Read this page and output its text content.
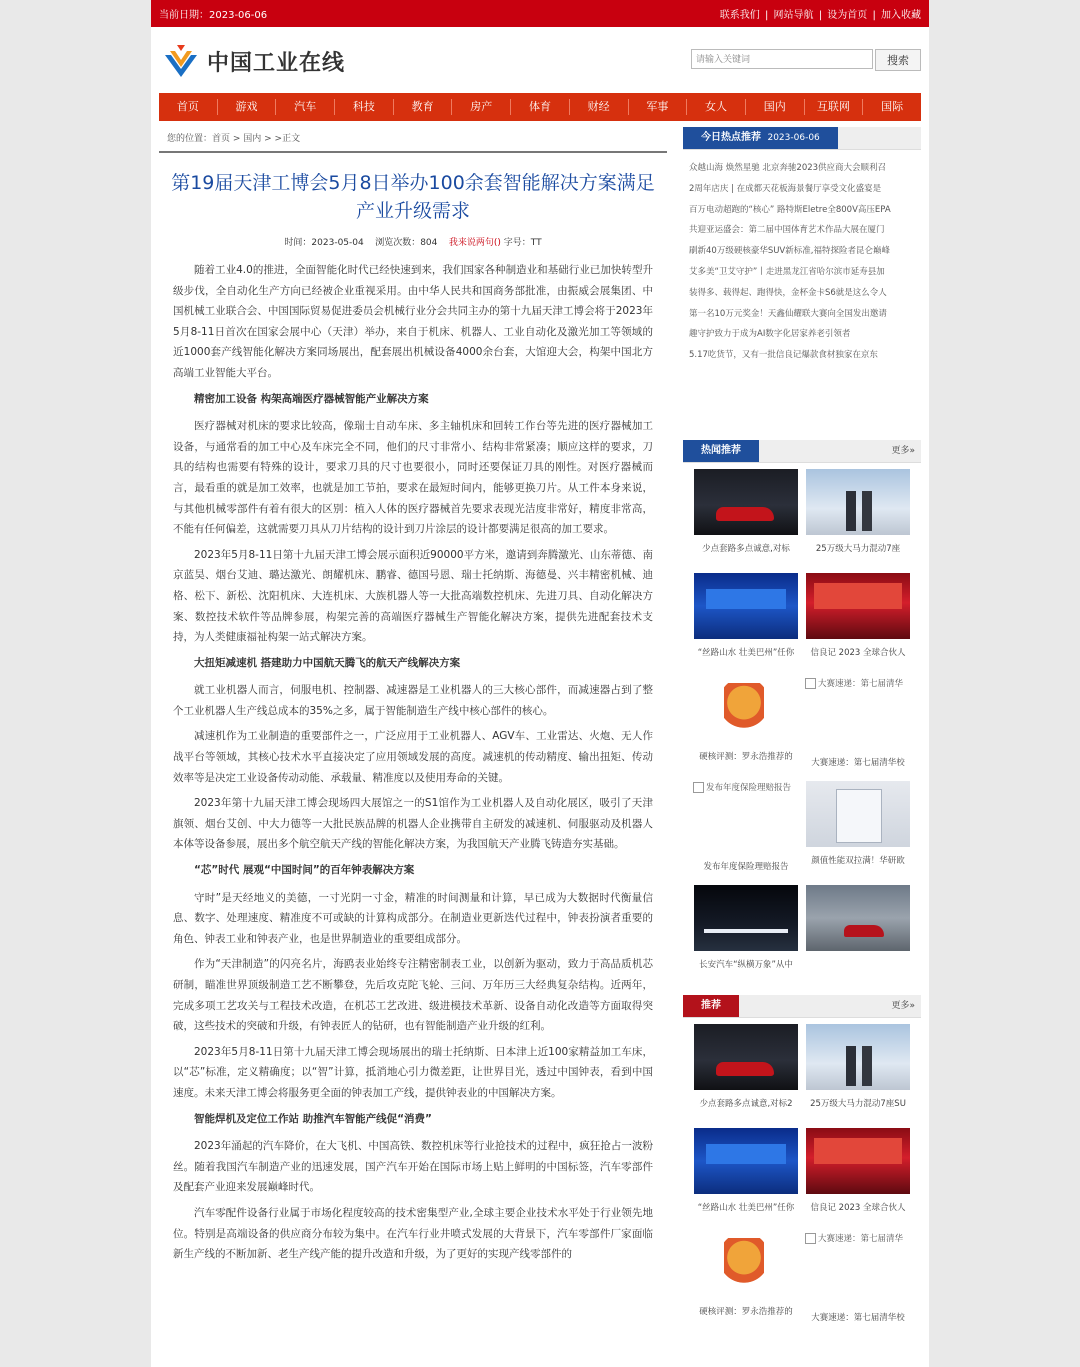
当前日期：2023-06-06	联系我们 | 网站导航 | 设为首页 | 加入收藏
中国工业在线	请输入关键词	搜索
首页	游戏	汽车	科技	教育	房产	体育	财经	军事	女人	国内	互联网	国际
您的位置：首页 > 国内 > >正文
第19届天津工博会5月8日举办100余套智能解决方案满足产业升级需求
时间：2023-05-04 浏览次数：804 我来说两句() 字号：TT

随着工业4.0的推进，全面智能化时代已经快速到来，我们国家各种制造业和基础行业已加快转型升级步伐，全自动化生产方向已经被企业重视采用。由中华人民共和国商务部批准，由振威会展集团、中国机械工业联合会、中国国际贸易促进委员会机械行业分会共同主办的第十九届天津工博会将于2023年5月8-11日首次在国家会展中心（天津）举办，来自于机床、机器人、工业自动化及激光加工等领域的近1000套产线智能化解决方案同场展出，配套展出机械设备4000余台套，大馆迎大会，构架中国北方高端工业智能大平台。

精密加工设备 构架高端医疗器械智能产业解决方案

医疗器械对机床的要求比较高，像瑞士自动车床、多主轴机床和回转工作台等先进的医疗器械加工设备，与通常看的加工中心及车床完全不同，他们的尺寸非常小、结构非常紧凑；顺应这样的要求，刀具的结构也需要有特殊的设计，要求刀具的尺寸也要很小，同时还要保证刀具的刚性。对医疗器械而言，最看重的就是加工效率，也就是加工节拍，要求在最短时间内，能够更换刀片。从工件本身来说，与其他机械零部件有着有很大的区别：植入人体的医疗器械首先要求表现光洁度非常好，精度非常高，不能有任何偏差，这就需要刀具从刀片结构的设计到刀片涂层的设计都要满足很高的加工要求。

2023年5月8-11日第十九届天津工博会展示面积近90000平方米，邀请到奔腾激光、山东蒂德、南京蓝昊、烟台艾迪、璐达激光、朗耀机床、鹏睿、德国号恩、瑞士托纳斯、海德曼、兴丰精密机械、迪格、松下、新松、沈阳机床、大连机床、大族机器人等一大批高端数控机床、先进刀具、自动化解决方案、数控技术软件等品牌参展，构架完善的高端医疗器械生产智能化解决方案，提供先进配套技术支持，为人类健康福祉构架一站式解决方案。

大扭矩减速机 搭建助力中国航天腾飞的航天产线解决方案

就工业机器人而言，伺服电机、控制器、减速器是工业机器人的三大核心部件，而减速器占到了整个工业机器人生产线总成本的35%之多，属于智能制造生产线中核心部件的核心。

减速机作为工业制造的重要部件之一，广泛应用于工业机器人、AGV车、工业雷达、火炮、无人作战平台等领域，其核心技术水平直接决定了应用领域发展的高度。减速机的传动精度、输出扭矩、传动效率等是决定工业设备传动动能、承载量、精准度以及使用寿命的关键。

2023年第十九届天津工博会现场四大展馆之一的S1馆作为工业机器人及自动化展区，吸引了天津旗领、烟台艾创、中大力德等一大批民族品牌的机器人企业携带自主研发的减速机、伺服驱动及机器人本体等设备参展，展出多个航空航天产线的智能化解决方案，为我国航天产业腾飞铸造夯实基础。

“芯”时代 展观“中国时间”的百年钟表解决方案

守时”是天经地义的美德，一寸光阴一寸金，精准的时间测量和计算，早已成为大数据时代衡量信息、数字、处理速度、精准度不可或缺的计算构成部分。在制造业更新迭代过程中，钟表扮演者重要的角色、钟表工业和钟表产业，也是世界制造业的重要组成部分。

作为“天津制造”的闪亮名片，海鸥表业始终专注精密制表工业，以创新为驱动，致力于高品质机芯研制，瞄准世界顶级制造工艺不断攀登，先后攻克陀飞轮、三问、万年历三大经典复杂结构。近两年，完成多项工艺攻关与工程技术改造，在机芯工艺改进、级进模技术革新、设备自动化改造等方面取得突破，这些技术的突破和升级，有钟表匠人的钻研，也有智能制造产业升级的红利。

2023年5月8-11日第十九届天津工博会现场展出的瑞士托纳斯、日本津上近100家精益加工车床，以“芯”标准，定义精确度；以“智”计算，抵消地心引力微差距，让世界目光，透过中国钟表，看到中国速度。未来天津工博会将服务更全面的钟表加工产线，提供钟表业的中国解决方案。

智能焊机及定位工作站 助推汽车智能产线促“消费”

2023年涌起的汽车降价，在大飞机、中国高铁、数控机床等行业抢技术的过程中，疯狂抢占一波粉丝。随着我国汽车制造产业的迅速发展，国产汽车开始在国际市场上贴上鲜明的中国标签，汽车零部件及配套产业迎来发展巅峰时代。

汽车零配件设备行业属于市场化程度较高的技术密集型产业,全球主要企业技术水平处于行业领先地位。特别是高端设备的供应商分布较为集中。在汽车行业井喷式发展的大背景下，汽车零部件厂家面临新生产线的不断加新、老生产线产能的提升改造和升级，为了更好的实现产线零部件的

今日热点推荐 2023-06-06
众越山海 焕然星驰 北京奔驰2023供应商大会顺利召
2周年店庆 | 在成都天花板海景餐厅享受文化盛宴是
百万电动超跑的“核心” 路特斯Eletre全800V高压EPA
共迎亚运盛会：第二届中国体育艺术作品大展在厦门
刷新40万级硬核豪华SUV新标准,福特探险者昆仑巅峰
艾多美“卫艾守护”丨走进黑龙江省哈尔滨市延寿县加
装得多、载得起、跑得快，金杯金卡S6就是这么令人
第一名10万元奖金！天鑫仙耀联大赛向全国发出邀请
趣守护致力于成为AI数字化居家养老引领者
5.17吃货节，又有一批信良记爆款食材独家在京东
热闻推荐	更多»
少点套路多点诚意,对标	25万级大马力混动7座
“丝路山水 壮美巴州”任你	信良记 2023 全球合伙人
硬核评测：罗永浩推荐的
大赛速递：第七届清华
大赛速递：第七届清华校
发布年度保险理赔报告
发布年度保险理赔报告
颜值性能双拉满！华研欧
长安汽车“纵横万象”从中
推荐	更多»
少点套路多点诚意,对标2	25万级大马力混动7座SU
“丝路山水 壮美巴州”任你	信良记 2023 全球合伙人
硬核评测：罗永浩推荐的
大赛速递：第七届清华
大赛速递：第七届清华校
